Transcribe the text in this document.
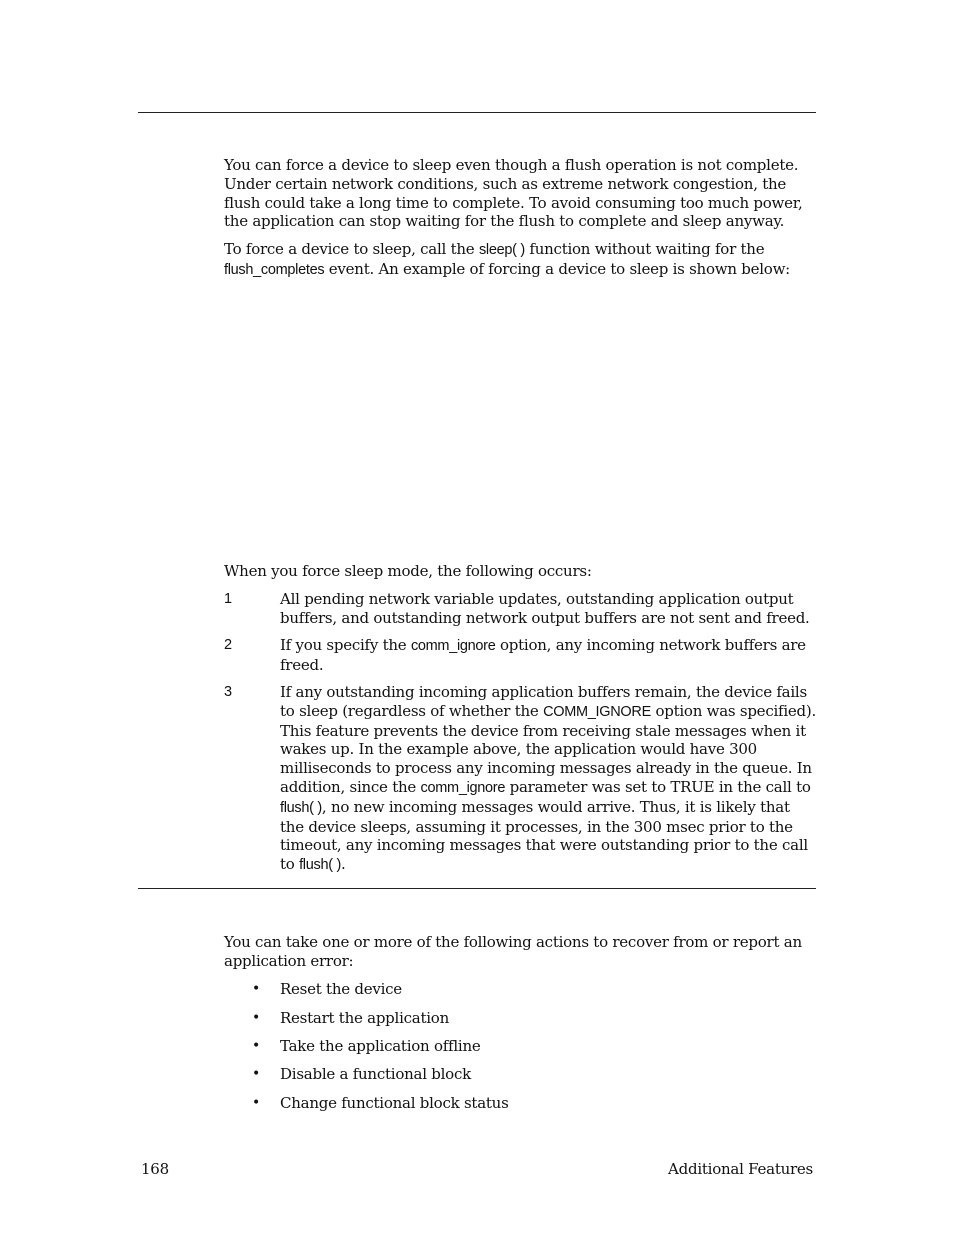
You can force a device to sleep even though a flush operation is not complete. Under certain network conditions, such as extreme network congestion, the flush could take a long time to complete. To avoid consuming too much power, the application can stop waiting for the flush to complete and sleep anyway.

To force a device to sleep, call the sleep( ) function without waiting for the flush_completes event. An example of forcing a device to sleep is shown below:

When you force sleep mode, the following occurs:

1	All pending network variable updates, outstanding application output buffers, and outstanding network output buffers are not sent and freed.
2	If you specify the comm_ignore option, any incoming network buffers are freed.
3	If any outstanding incoming application buffers remain, the device fails to sleep (regardless of whether the COMM_IGNORE option was specified). This feature prevents the device from receiving stale messages when it wakes up. In the example above, the application would have 300 milliseconds to process any incoming messages already in the queue. In addition, since the comm_ignore parameter was set to TRUE in the call to flush( ), no new incoming messages would arrive. Thus, it is likely that the device sleeps, assuming it processes, in the 300 msec prior to the timeout, any incoming messages that were outstanding prior to the call to flush( ).

You can take one or more of the following actions to recover from or report an application error:

• Reset the device
• Restart the application
• Take the application offline
• Disable a functional block
• Change functional block status
168	Additional Features
